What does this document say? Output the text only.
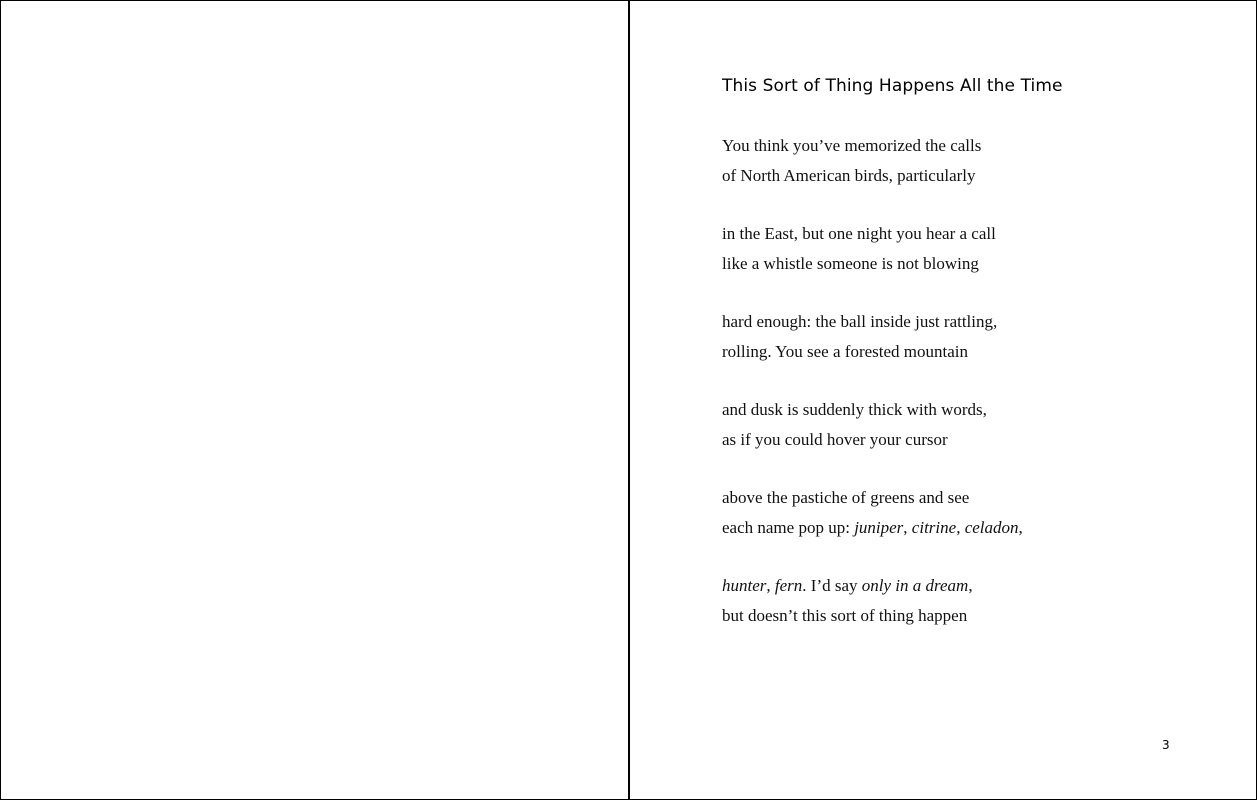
This Sort of Thing Happens All the Time
You think you’ve memorized the calls
of North American birds, particularly
in the East, but one night you hear a call
like a whistle someone is not blowing
hard enough: the ball inside just rattling,
rolling. You see a forested mountain
and dusk is suddenly thick with words,
as if you could hover your cursor
above the pastiche of greens and see
each name pop up: juniper, citrine, celadon,
hunter, fern. I’d say only in a dream,
but doesn’t this sort of thing happen
3
